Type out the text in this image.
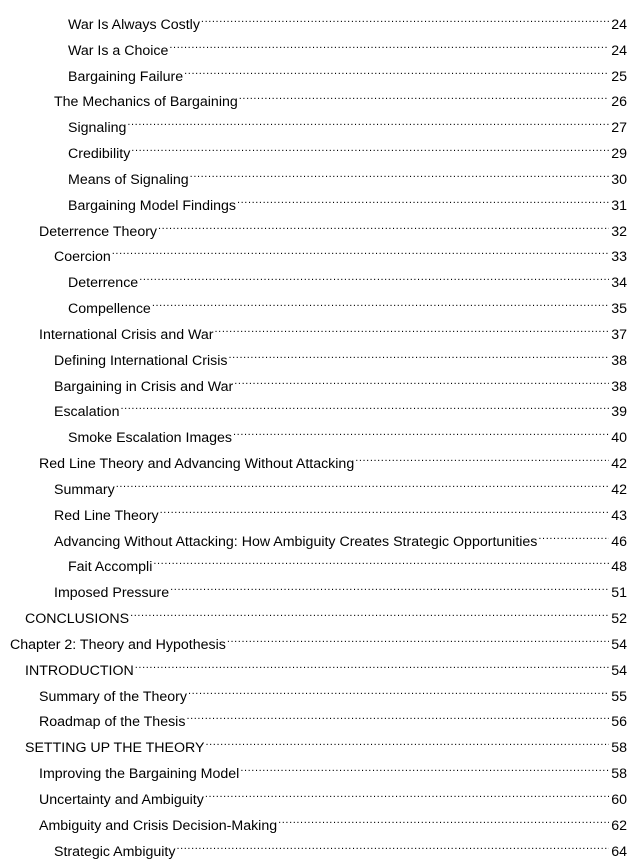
War Is Always Costly .....	24
War Is a Choice .....	24
Bargaining Failure .....	25
The Mechanics of Bargaining .....	26
Signaling .....	27
Credibility .....	29
Means of Signaling .....	30
Bargaining Model Findings .....	31
Deterrence Theory .....	32
Coercion .....	33
Deterrence .....	34
Compellence .....	35
International Crisis and War .....	37
Defining International Crisis .....	38
Bargaining in Crisis and War .....	38
Escalation .....	39
Smoke Escalation Images .....	40
Red Line Theory and Advancing Without Attacking .....	42
Summary .....	42
Red Line Theory .....	43
Advancing Without Attacking: How Ambiguity Creates Strategic Opportunities .....	46
Fait Accompli .....	48
Imposed Pressure .....	51
CONCLUSIONS .....	52
Chapter 2: Theory and Hypothesis .....	54
INTRODUCTION .....	54
Summary of the Theory .....	55
Roadmap of the Thesis .....	56
SETTING UP THE THEORY .....	58
Improving the Bargaining Model .....	58
Uncertainty and Ambiguity .....	60
Ambiguity and Crisis Decision-Making .....	62
Strategic Ambiguity .....	64
